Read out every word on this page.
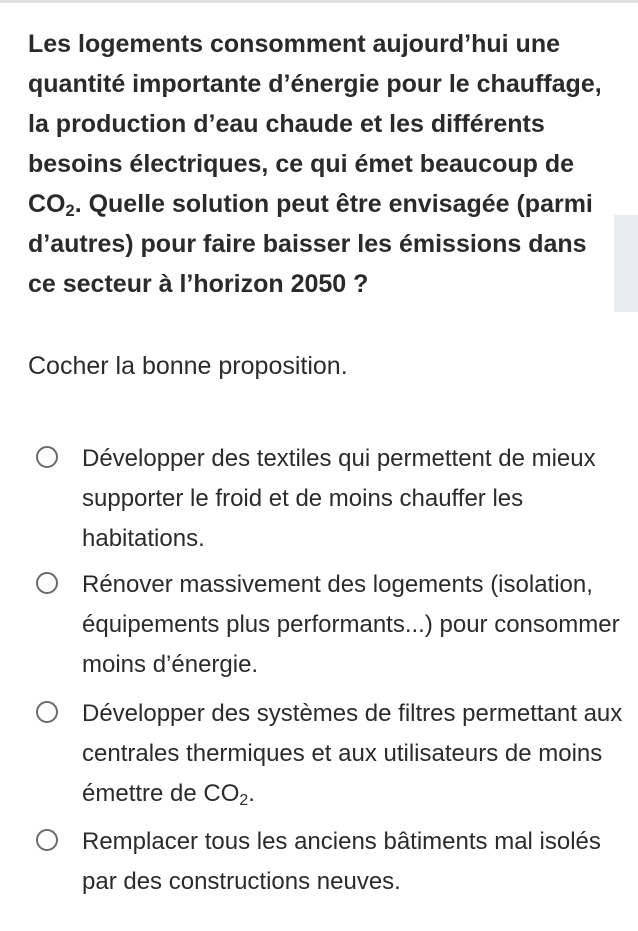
Les logements consomment aujourd’hui une quantité importante d’énergie pour le chauffage, la production d’eau chaude et les différents besoins électriques, ce qui émet beaucoup de $CO_2$. Quelle solution peut être envisagée (parmi d’autres) pour faire baisser les émissions dans ce secteur à l’horizon 2050 ?
Cocher la bonne proposition.
Développer des textiles qui permettent de mieux supporter le froid et de moins chauffer les habitations.
Rénover massivement des logements (isolation, équipements plus performants...) pour consommer moins d’énergie.
Développer des systèmes de filtres permettant aux centrales thermiques et aux utilisateurs de moins émettre de $CO_2$.
Remplacer tous les anciens bâtiments mal isolés par des constructions neuves.
